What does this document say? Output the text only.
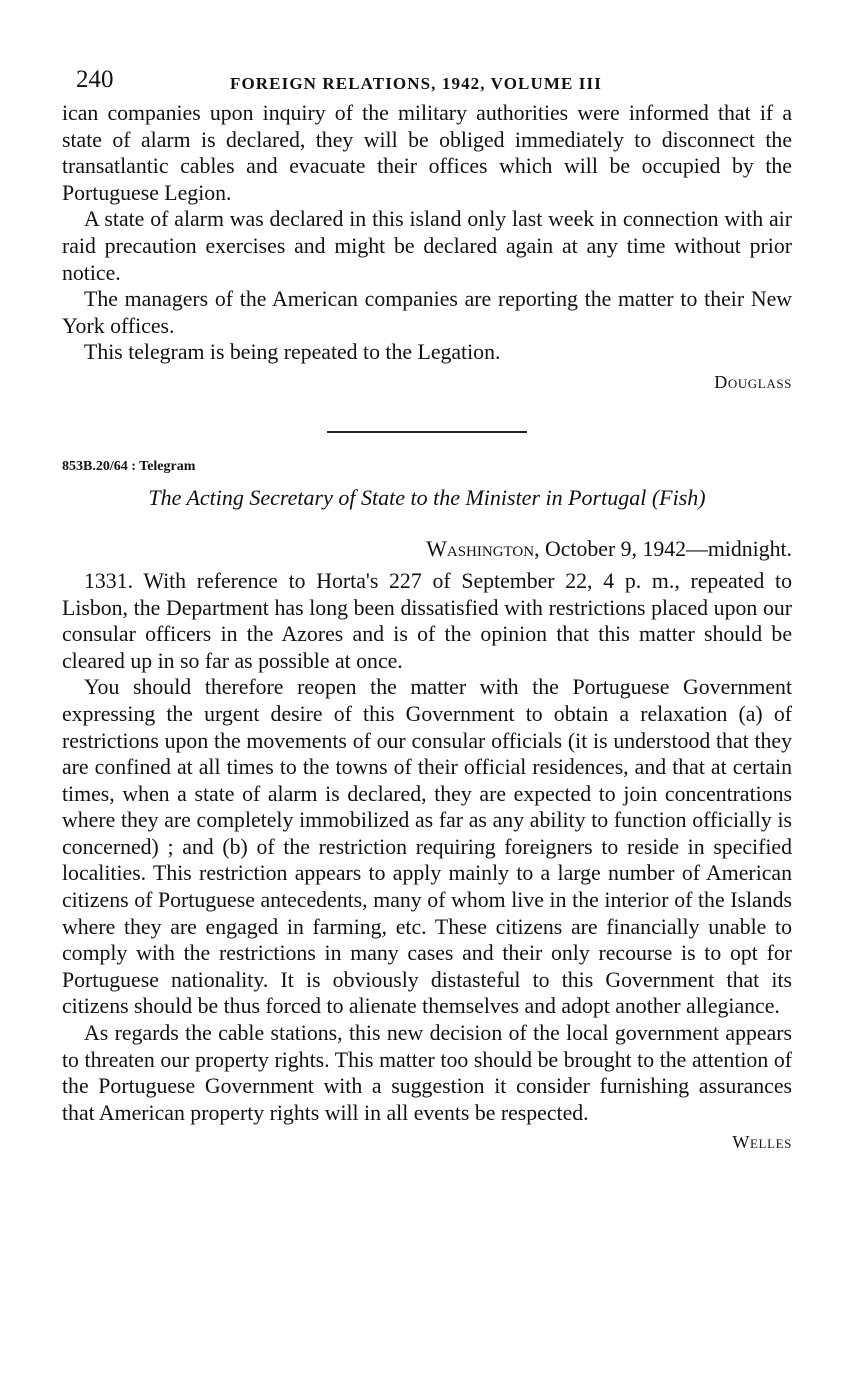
240	FOREIGN RELATIONS, 1942, VOLUME III

ican companies upon inquiry of the military authorities were informed that if a state of alarm is declared, they will be obliged immediately to disconnect the transatlantic cables and evacuate their offices which will be occupied by the Portuguese Legion.

A state of alarm was declared in this island only last week in connection with air raid precaution exercises and might be declared again at any time without prior notice.

The managers of the American companies are reporting the matter to their New York offices.

This telegram is being repeated to the Legation.

Douglass
853B.20/64 : Telegram
The Acting Secretary of State to the Minister in Portugal (Fish)
Washington, October 9, 1942—midnight.

1331. With reference to Horta's 227 of September 22, 4 p. m., repeated to Lisbon, the Department has long been dissatisfied with restrictions placed upon our consular officers in the Azores and is of the opinion that this matter should be cleared up in so far as possible at once.

You should therefore reopen the matter with the Portuguese Government expressing the urgent desire of this Government to obtain a relaxation (a) of restrictions upon the movements of our consular officials (it is understood that they are confined at all times to the towns of their official residences, and that at certain times, when a state of alarm is declared, they are expected to join concentrations where they are completely immobilized as far as any ability to function officially is concerned) ; and (b) of the restriction requiring foreigners to reside in specified localities. This restriction appears to apply mainly to a large number of American citizens of Portuguese antecedents, many of whom live in the interior of the Islands where they are engaged in farming, etc. These citizens are financially unable to comply with the restrictions in many cases and their only recourse is to opt for Portuguese nationality. It is obviously distasteful to this Government that its citizens should be thus forced to alienate themselves and adopt another allegiance.

As regards the cable stations, this new decision of the local government appears to threaten our property rights. This matter too should be brought to the attention of the Portuguese Government with a suggestion it consider furnishing assurances that American property rights will in all events be respected.

Welles
